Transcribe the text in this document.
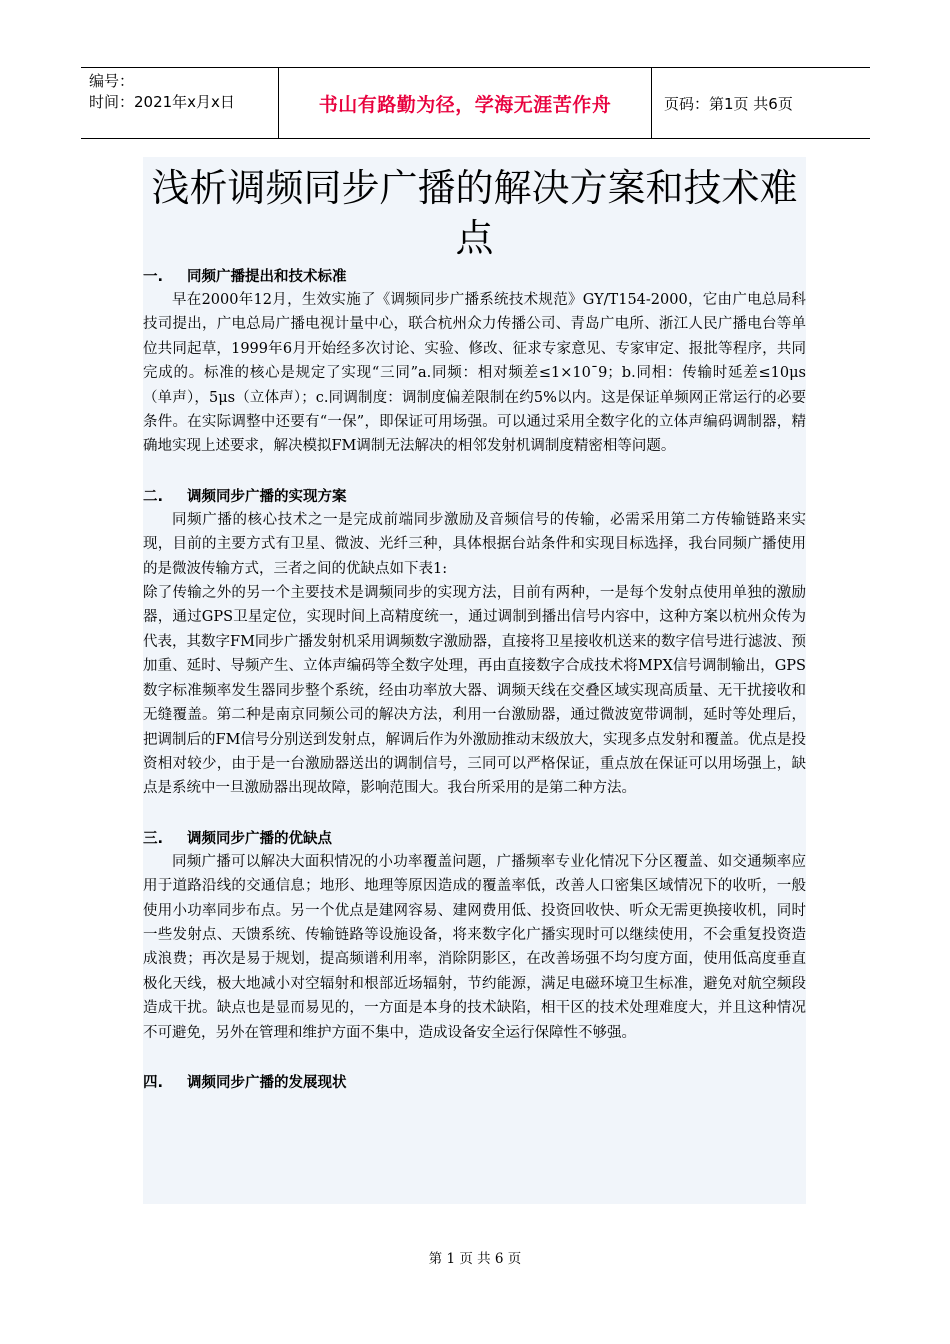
编号：
时间：2021年x月x日	书山有路勤为径，学海无涯苦作舟	页码：第1页 共6页
浅析调频同步广播的解决方案和技术难点
一. 同频广播提出和技术标准

早在2000年12月，生效实施了《调频同步广播系统技术规范》GY/T154-2000，它由广电总局科技司提出，广电总局广播电视计量中心，联合杭州众力传播公司、青岛广电所、浙江人民广播电台等单位共同起草，1999年6月开始经多次讨论、实验、修改、征求专家意见、专家审定、报批等程序，共同完成的。标准的核心是规定了实现“三同”a.同频：相对频差≤1×10ˉ9；b.同相：传输时延差≤10μs（单声），5μs（立体声）；c.同调制度：调制度偏差限制在约5%以内。这是保证单频网正常运行的必要条件。在实际调整中还要有“一保”，即保证可用场强。可以通过采用全数字化的立体声编码调制器，精确地实现上述要求，解决模拟FM调制无法解决的相邻发射机调制度精密相等问题。

二. 调频同步广播的实现方案

同频广播的核心技术之一是完成前端同步激励及音频信号的传输，必需采用第二方传输链路来实现，目前的主要方式有卫星、微波、光纤三种，具体根据台站条件和实现目标选择，我台同频广播使用的是微波传输方式，三者之间的优缺点如下表1:

除了传输之外的另一个主要技术是调频同步的实现方法，目前有两种，一是每个发射点使用单独的激励器，通过GPS卫星定位，实现时间上高精度统一，通过调制到播出信号内容中，这种方案以杭州众传为代表，其数字FM同步广播发射机采用调频数字激励器，直接将卫星接收机送来的数字信号进行滤波、预加重、延时、导频产生、立体声编码等全数字处理，再由直接数字合成技术将MPX信号调制输出，GPS数字标准频率发生器同步整个系统，经由功率放大器、调频天线在交叠区域实现高质量、无干扰接收和无缝覆盖。第二种是南京同频公司的解决方法，利用一台激励器，通过微波宽带调制，延时等处理后，把调制后的FM信号分别送到发射点，解调后作为外激励推动末级放大，实现多点发射和覆盖。优点是投资相对较少，由于是一台激励器送出的调制信号，三同可以严格保证，重点放在保证可以用场强上，缺点是系统中一旦激励器出现故障，影响范围大。我台所采用的是第二种方法。

三. 调频同步广播的优缺点

同频广播可以解决大面积情况的小功率覆盖问题，广播频率专业化情况下分区覆盖、如交通频率应用于道路沿线的交通信息；地形、地理等原因造成的覆盖率低，改善人口密集区域情况下的收听，一般使用小功率同步布点。另一个优点是建网容易、建网费用低、投资回收快、听众无需更换接收机，同时一些发射点、天馈系统、传输链路等设施设备，将来数字化广播实现时可以继续使用，不会重复投资造成浪费；再次是易于规划，提高频谱利用率，消除阴影区，在改善场强不均匀度方面，使用低高度垂直极化天线，极大地减小对空辐射和根部近场辐射，节约能源，满足电磁环境卫生标准，避免对航空频段造成干扰。缺点也是显而易见的，一方面是本身的技术缺陷，相干区的技术处理难度大，并且这种情况不可避免，另外在管理和维护方面不集中，造成设备安全运行保障性不够强。

四. 调频同步广播的发展现状
第 1 页 共 6 页
